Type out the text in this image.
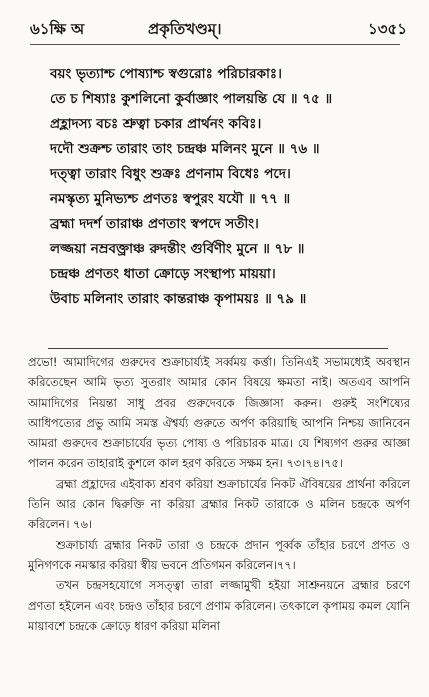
৬১ক্ষি অ	প্রকৃতিখণ্ডম্।	১৩৫১
বয়ং ভৃত্যাশ্চ পোষ্যাশ্চ স্বগুরোঃ পরিচারকাঃ।
তে চ শিষ্যাঃ কুশলিনো কুর্বাজ্ঞাং পালয়ন্তি যে ॥ ৭৫ ॥
প্রহ্লাদস্য বচঃ শ্রুত্বা চকার প্রার্থনং কবিঃ।
দদৌ শুক্রশ্চ তারাং তাং চন্দ্রঞ্চ মলিনং মুনে ॥ ৭৬ ॥
দত্ত্বা তারাং বিধুং শুক্রঃ প্রণনাম বিধেঃ পদে।
নমস্কৃত্য মুনিভ্যশ্চ প্রণতঃ স্বপুরং যযৌ ॥ ৭৭ ॥
ব্রহ্মা দদর্শ তারাঞ্চ প্রণতাং স্বপদে সতীং।
লজ্জয়া নম্রবক্ত্রাঞ্চ রুদন্তীং গুর্বিণীং মুনে ॥ ৭৮ ॥
চন্দ্রঞ্চ প্রণতং ধাতা ক্রোড়ে সংস্থাপ্য মায়য়া।
উবাচ মলিনাং তারাং কান্তরাঞ্চ কৃপাময়ঃ ॥ ৭৯ ॥

প্রভো! আমাদিগের গুরুদেব শুক্রাচার্য্যই সর্ব্বময় কর্ত্তা। তিনিএই সভামধ্যেই অবস্থান করিতেছেন আমি ভৃত্য সুতরাং আমার কোন বিষয়ে ক্ষমতা নাই। অতএব আপনি আমাদিগের নিয়ন্তা সাধু প্রবর গুরুদেবকে জিজ্ঞাসা করুন। গুরুই সংশিষ্যের আধিপত্যের প্রভু আমি সমস্ত ঐশ্বর্য্য গুরুতে অর্পণ করিয়াছি আপনি নিশ্চয় জানিবেন আমরা গুরুদেব শুক্রাচার্যের ভৃত্য পোষ্য ও পরিচারক মাত্র। যে শিষ্যগণ গুরুর আজ্ঞা পালন করেন তাহারাই কুশলে কাল হরণ করিতে সক্ষম হন। ৭৩।৭৪।৭৫।

ব্রহ্মা প্রহ্লাদের এইবাক্য শ্রবণ করিয়া শুক্রাচার্যের নিকট ঐবিষয়ের প্রার্থনা করিলে তিনি আর কোন দ্বিরুক্তি না করিয়া ব্রহ্মার নিকট তারাকে ও মলিন চন্দ্রকে অর্পণ করিলেন। ৭৬।

শুক্রাচার্য্য ব্রহ্মার নিকট তারা ও চন্দ্রকে প্রদান পূর্ব্বক তাঁহার চরণে প্রণত ও মুনিগণকে নমস্কার করিয়া স্বীয় ভবনে প্রতিগমন করিলেন।৭৭।

তখন চন্দ্রসহযোগে সসত্ত্বা তারা লজ্জামুখী হইয়া সাশ্রুনয়নে ব্রহ্মার চরণে প্রণতা হইলেন এবং চন্দ্রও তাঁহার চরণে প্রণাম করিলেন। তৎকালে কৃপাময় কমল যোনি মায়াবশে চন্দ্রকে ক্রোড়ে ধারণ করিয়া মলিনা
